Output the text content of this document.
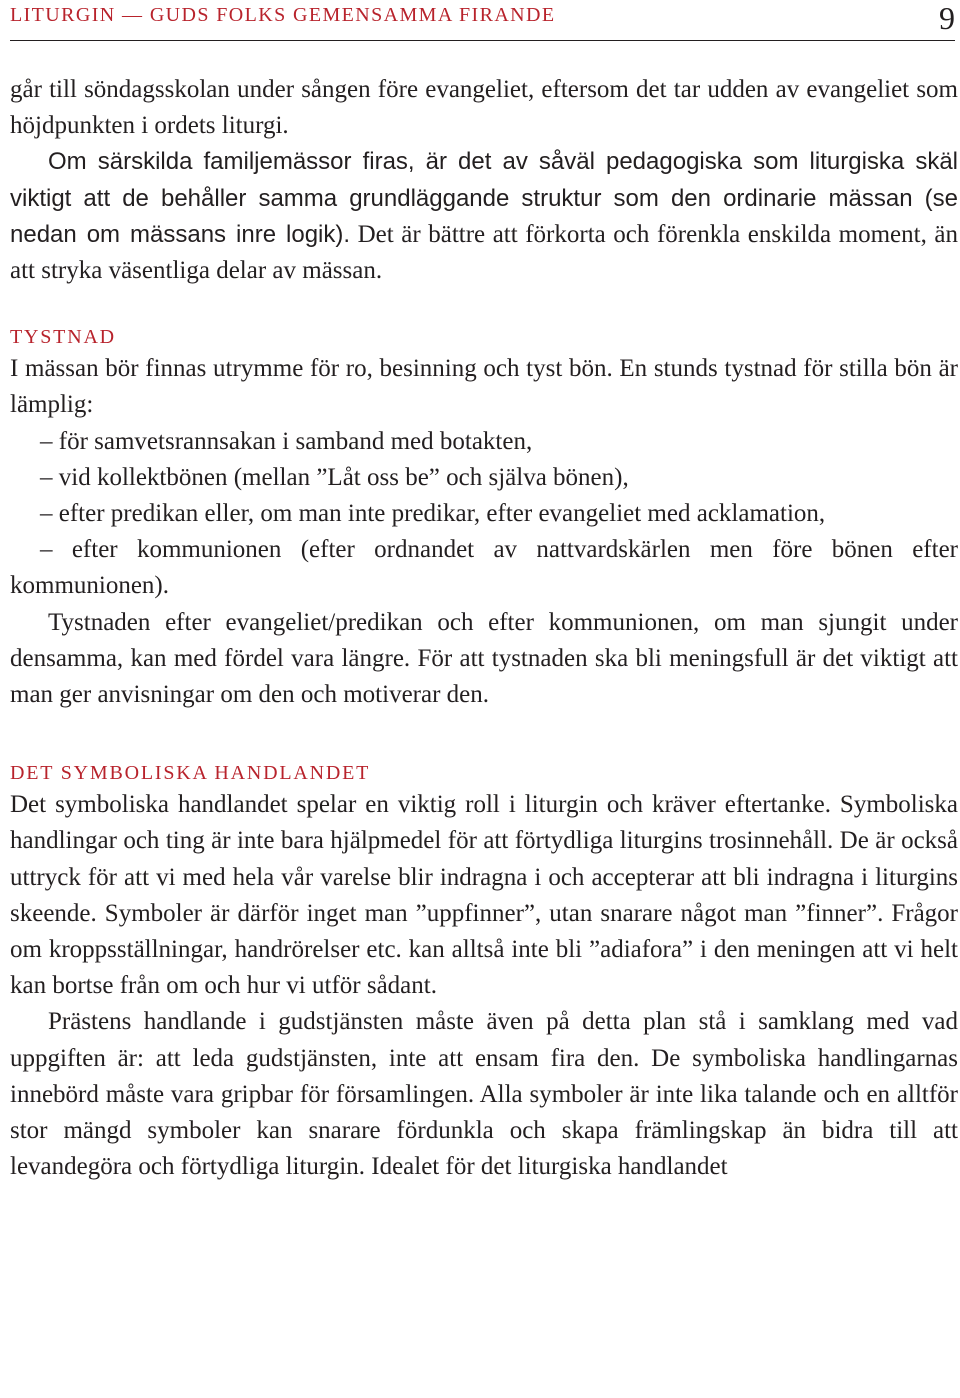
LITURGIN — GUDS FOLKS GEMENSAMMA FIRANDE	9

går till söndagsskolan under sången före evangeliet, eftersom det tar udden av evangeliet som höjdpunkten i ordets liturgi.

Om särskilda familjemässor firas, är det av såväl pedagogiska som liturgiska skäl viktigt att de behåller samma grundläggande struktur som den ordinarie mässan (se nedan om mässans inre logik). Det är bättre att förkorta och förenkla enskilda moment, än att stryka väsentliga delar av mässan.

TYSTNAD

I mässan bör finnas utrymme för ro, besinning och tyst bön. En stunds tystnad för stilla bön är lämplig:

– för samvetsrannsakan i samband med botakten,

– vid kollektbönen (mellan ”Låt oss be” och själva bönen),

– efter predikan eller, om man inte predikar, efter evangeliet med acklamation,

– efter kommunionen (efter ordnandet av nattvardskärlen men före bönen efter kommunionen).

Tystnaden efter evangeliet/predikan och efter kommunionen, om man sjungit under densamma, kan med fördel vara längre. För att tystnaden ska bli meningsfull är det viktigt att man ger anvisningar om den och motiverar den.

DET SYMBOLISKA HANDLANDET

Det symboliska handlandet spelar en viktig roll i liturgin och kräver eftertanke. Symboliska handlingar och ting är inte bara hjälpmedel för att förtydliga liturgins trosinnehåll. De är också uttryck för att vi med hela vår varelse blir indragna i och accepterar att bli indragna i liturgins skeende. Symboler är därför inget man ”uppfinner”, utan snarare något man ”finner”. Frågor om kroppsställningar, handrörelser etc. kan alltså inte bli ”adiafora” i den meningen att vi helt kan bortse från om och hur vi utför sådant.

Prästens handlande i gudstjänsten måste även på detta plan stå i samklang med vad uppgiften är: att leda gudstjänsten, inte att ensam fira den. De symboliska handlingarnas innebörd måste vara gripbar för församlingen. Alla symboler är inte lika talande och en alltför stor mängd symboler kan snarare fördunkla och skapa främlingskap än bidra till att levandegöra och förtydliga liturgin. Idealet för det liturgiska handlandet
